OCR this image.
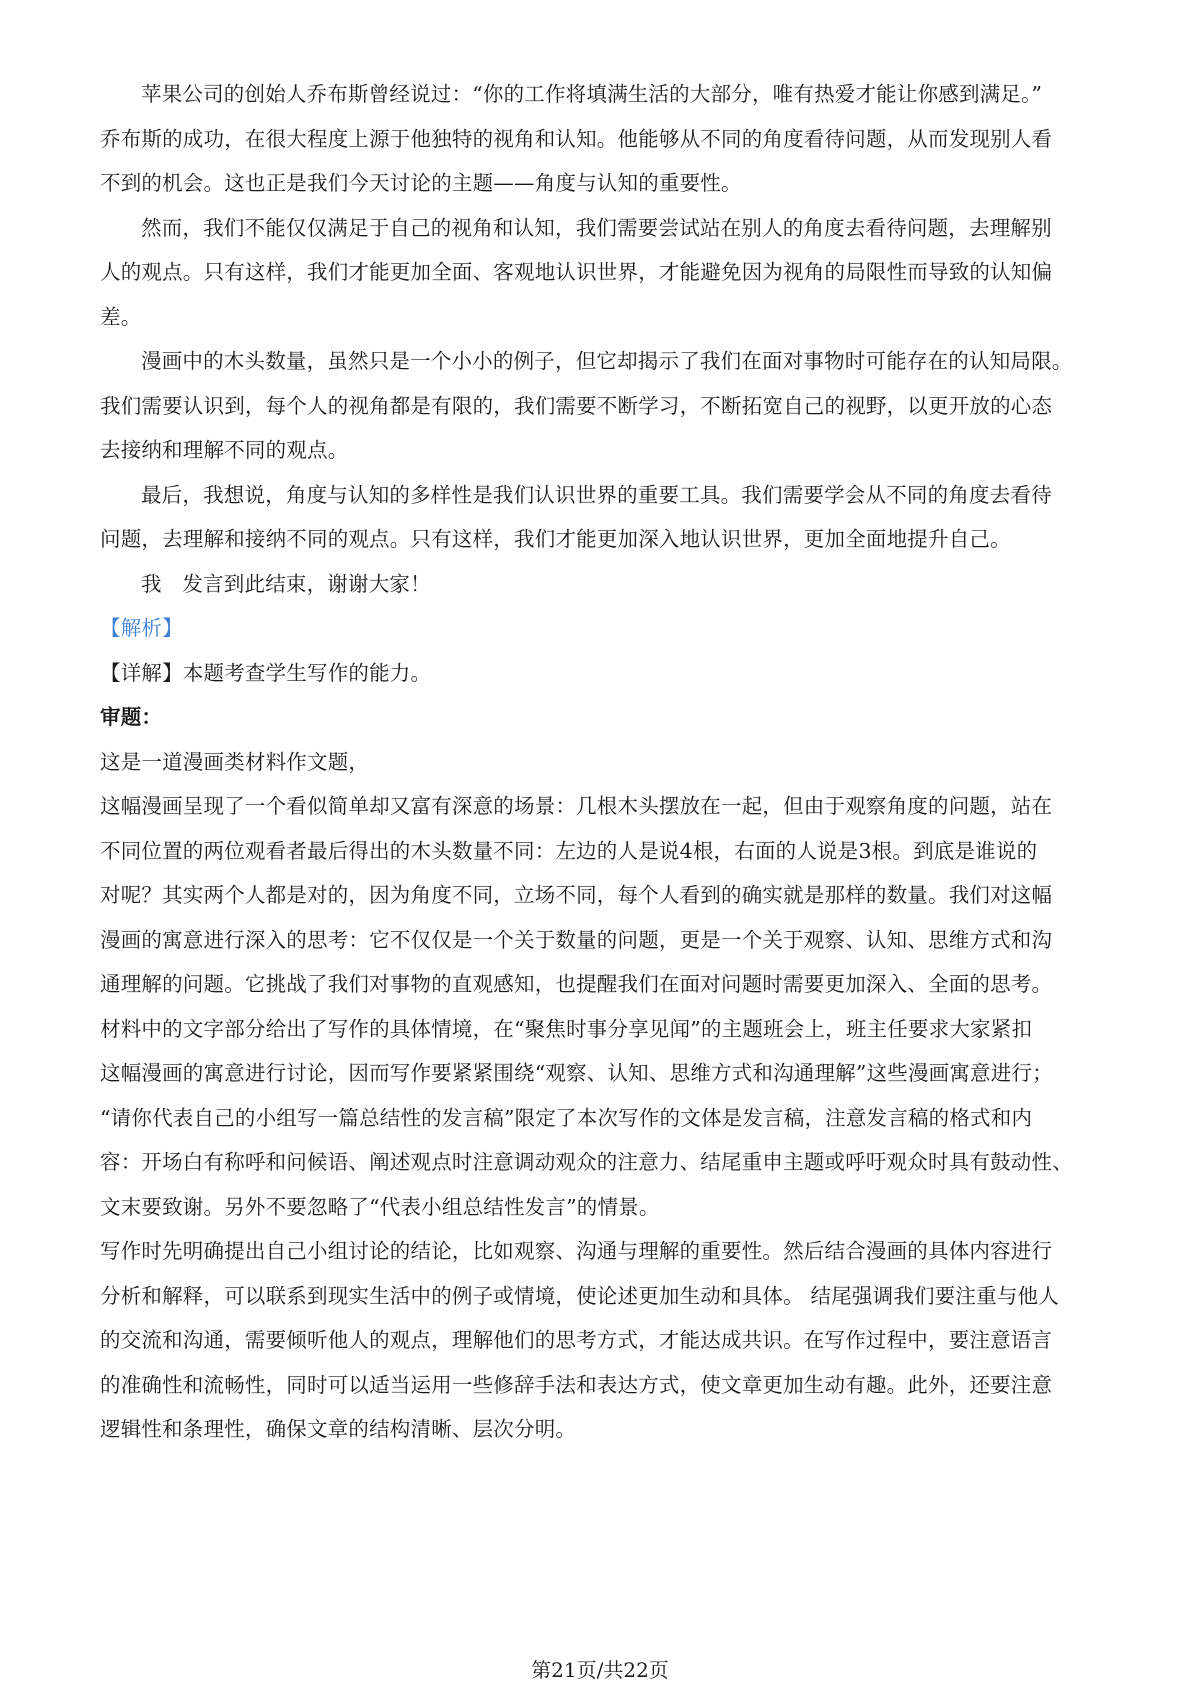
苹果公司的创始人乔布斯曾经说过：“你的工作将填满生活的大部分，唯有热爱才能让你感到满足。”
乔布斯的成功，在很大程度上源于他独特的视角和认知。他能够从不同的角度看待问题，从而发现别人看
不到的机会。这也正是我们今天讨论的主题——角度与认知的重要性。
然而，我们不能仅仅满足于自己的视角和认知，我们需要尝试站在别人的角度去看待问题，去理解别
人的观点。只有这样，我们才能更加全面、客观地认识世界，才能避免因为视角的局限性而导致的认知偏
差。
漫画中的木头数量，虽然只是一个小小的例子，但它却揭示了我们在面对事物时可能存在的认知局限。
我们需要认识到，每个人的视角都是有限的，我们需要不断学习，不断拓宽自己的视野，以更开放的心态
去接纳和理解不同的观点。
最后，我想说，角度与认知的多样性是我们认识世界的重要工具。我们需要学会从不同的角度去看待
问题，去理解和接纳不同的观点。只有这样，我们才能更加深入地认识世界，更加全面地提升自己。
我　发言到此结束，谢谢大家！
【解析】
【详解】本题考查学生写作的能力。
审题：
这是一道漫画类材料作文题，
这幅漫画呈现了一个看似简单却又富有深意的场景：几根木头摆放在一起，但由于观察角度的问题，站在
不同位置的两位观看者最后得出的木头数量不同：左边的人是说4根，右面的人说是3根。到底是谁说的
对呢？其实两个人都是对的，因为角度不同，立场不同，每个人看到的确实就是那样的数量。我们对这幅
漫画的寓意进行深入的思考：它不仅仅是一个关于数量的问题，更是一个关于观察、认知、思维方式和沟
通理解的问题。它挑战了我们对事物的直观感知，也提醒我们在面对问题时需要更加深入、全面的思考。
材料中的文字部分给出了写作的具体情境，在“聚焦时事分享见闻”的主题班会上，班主任要求大家紧扣
这幅漫画的寓意进行讨论，因而写作要紧紧围绕“观察、认知、思维方式和沟通理解”这些漫画寓意进行；
“请你代表自己的小组写一篇总结性的发言稿”限定了本次写作的文体是发言稿，注意发言稿的格式和内
容：开场白有称呼和问候语、阐述观点时注意调动观众的注意力、结尾重申主题或呼吁观众时具有鼓动性、
文末要致谢。另外不要忽略了“代表小组总结性发言”的情景。
写作时先明确提出自己小组讨论的结论，比如观察、沟通与理解的重要性。然后结合漫画的具体内容进行
分析和解释，可以联系到现实生活中的例子或情境，使论述更加生动和具体。 结尾强调我们要注重与他人
的交流和沟通，需要倾听他人的观点，理解他们的思考方式，才能达成共识。在写作过程中，要注意语言
的准确性和流畅性，同时可以适当运用一些修辞手法和表达方式，使文章更加生动有趣。此外，还要注意
逻辑性和条理性，确保文章的结构清晰、层次分明。
第21页/共22页
